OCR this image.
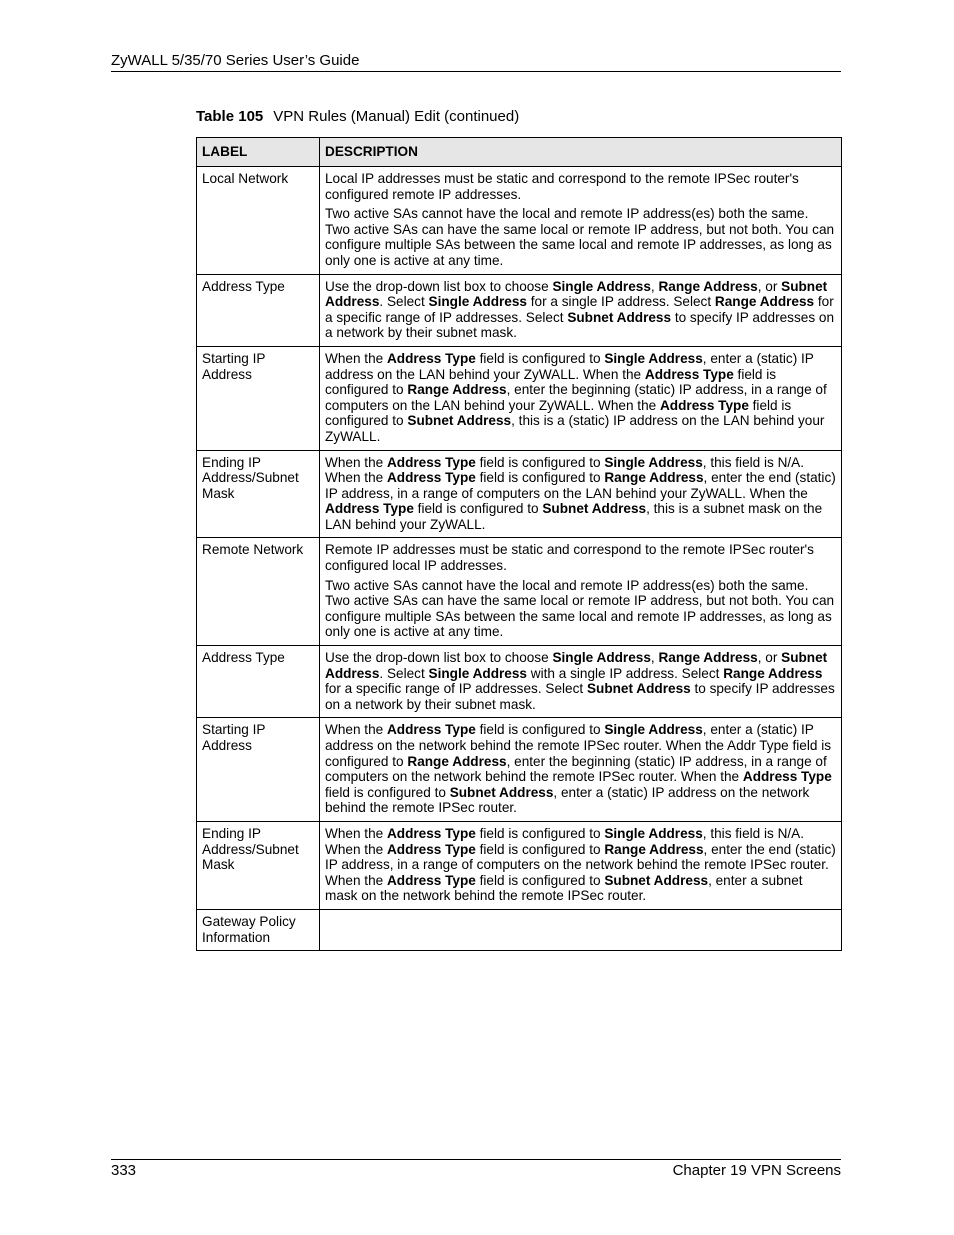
ZyWALL 5/35/70 Series User’s Guide
Table 105 VPN Rules (Manual) Edit (continued)
LABEL	DESCRIPTION
Local Network	Local IP addresses must be static and correspond to the remote IPSec router's configured remote IP addresses.

Two active SAs cannot have the local and remote IP address(es) both the same. Two active SAs can have the same local or remote IP address, but not both. You can configure multiple SAs between the same local and remote IP addresses, as long as only one is active at any time.

Address Type	Use the drop-down list box to choose Single Address, Range Address, or Subnet Address. Select Single Address for a single IP address. Select Range Address for a specific range of IP addresses. Select Subnet Address to specify IP addresses on a network by their subnet mask.

Starting IP Address	When the Address Type field is configured to Single Address, enter a (static) IP address on the LAN behind your ZyWALL. When the Address Type field is configured to Range Address, enter the beginning (static) IP address, in a range of computers on the LAN behind your ZyWALL. When the Address Type field is configured to Subnet Address, this is a (static) IP address on the LAN behind your ZyWALL.

Ending IP Address/Subnet Mask	When the Address Type field is configured to Single Address, this field is N/A. When the Address Type field is configured to Range Address, enter the end (static) IP address, in a range of computers on the LAN behind your ZyWALL. When the Address Type field is configured to Subnet Address, this is a subnet mask on the LAN behind your ZyWALL.

Remote Network	Remote IP addresses must be static and correspond to the remote IPSec router's configured local IP addresses.

Two active SAs cannot have the local and remote IP address(es) both the same. Two active SAs can have the same local or remote IP address, but not both. You can configure multiple SAs between the same local and remote IP addresses, as long as only one is active at any time.

Address Type	Use the drop-down list box to choose Single Address, Range Address, or Subnet Address. Select Single Address with a single IP address. Select Range Address for a specific range of IP addresses. Select Subnet Address to specify IP addresses on a network by their subnet mask.

Starting IP Address	When the Address Type field is configured to Single Address, enter a (static) IP address on the network behind the remote IPSec router. When the Addr Type field is configured to Range Address, enter the beginning (static) IP address, in a range of computers on the network behind the remote IPSec router. When the Address Type field is configured to Subnet Address, enter a (static) IP address on the network behind the remote IPSec router.

Ending IP Address/Subnet Mask	When the Address Type field is configured to Single Address, this field is N/A. When the Address Type field is configured to Range Address, enter the end (static) IP address, in a range of computers on the network behind the remote IPSec router. When the Address Type field is configured to Subnet Address, enter a subnet mask on the network behind the remote IPSec router.

Gateway Policy Information	
333	Chapter 19 VPN Screens
